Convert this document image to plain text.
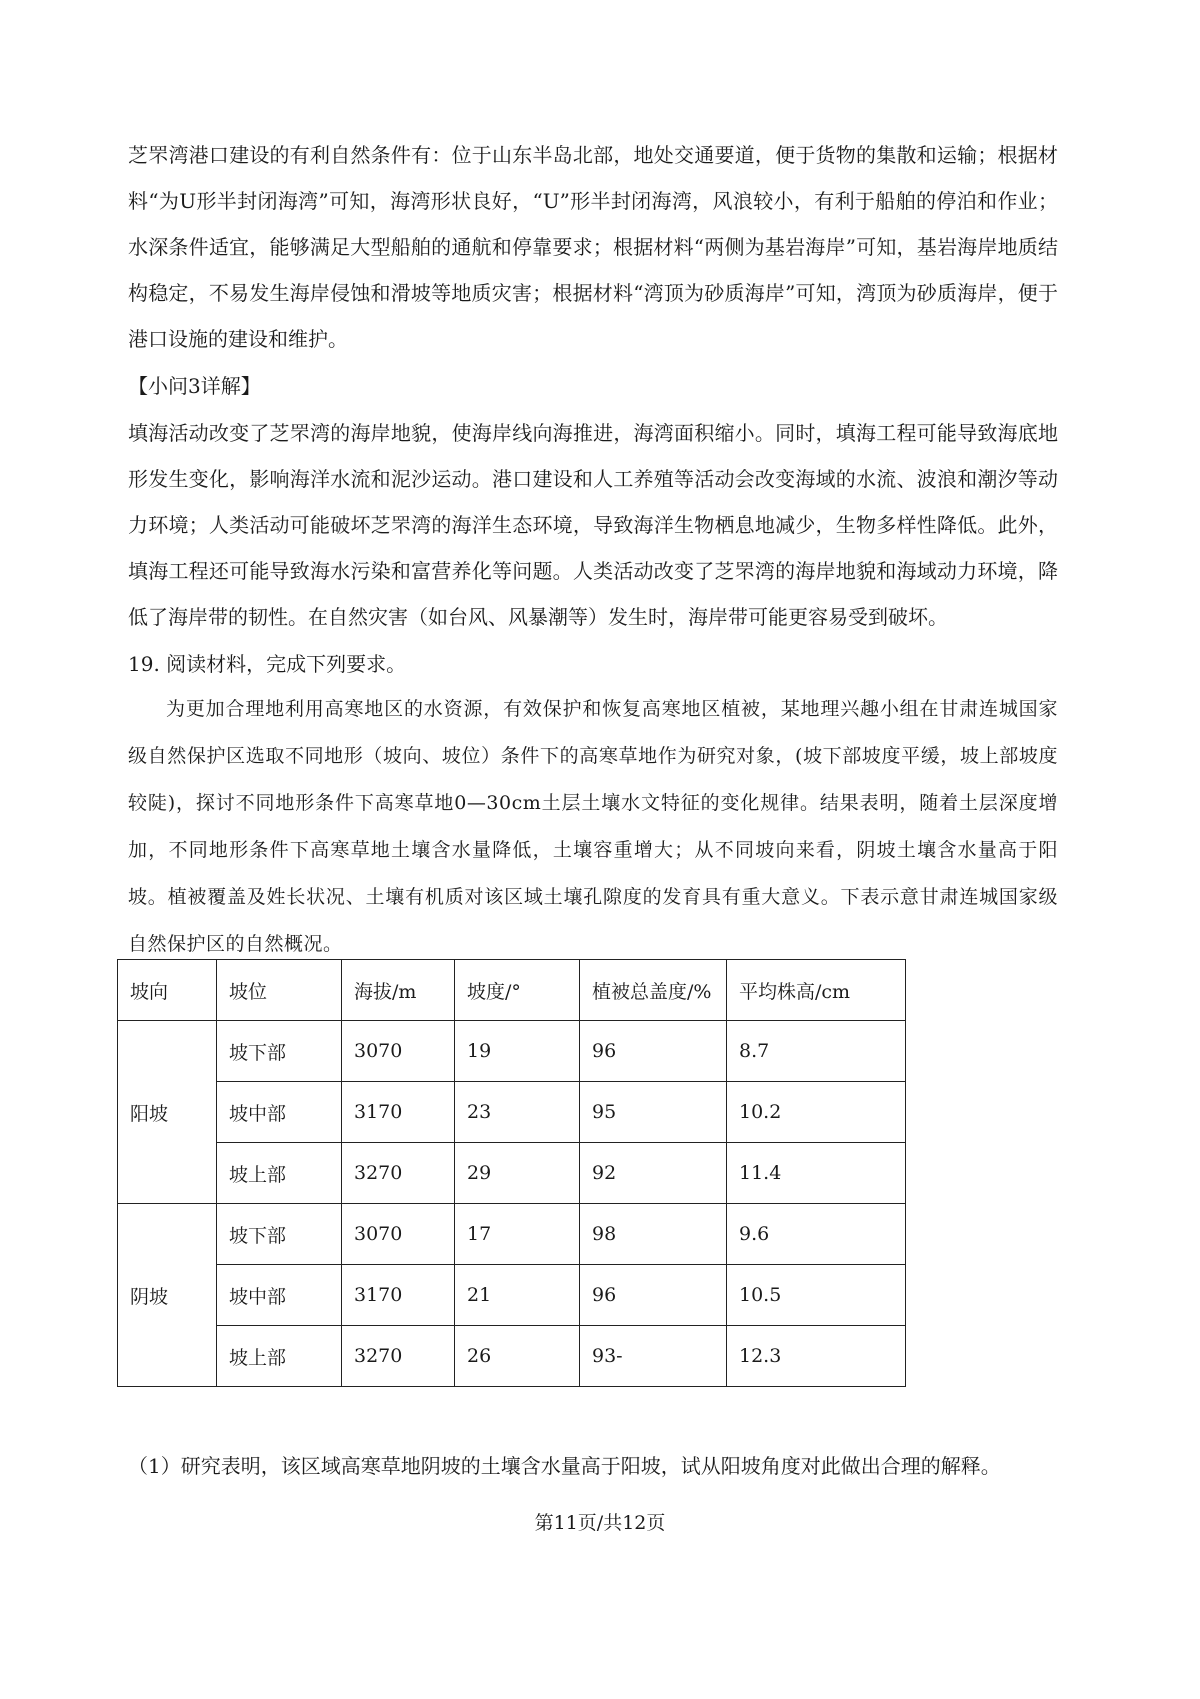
芝罘湾港口建设的有利自然条件有：位于山东半岛北部，地处交通要道，便于货物的集散和运输；根据材料“为U形半封闭海湾”可知，海湾形状良好，“U”形半封闭海湾，风浪较小，有利于船舶的停泊和作业；水深条件适宜，能够满足大型船舶的通航和停靠要求；根据材料“两侧为基岩海岸”可知，基岩海岸地质结构稳定，不易发生海岸侵蚀和滑坡等地质灾害；根据材料“湾顶为砂质海岸”可知，湾顶为砂质海岸，便于港口设施的建设和维护。

【小问3详解】

填海活动改变了芝罘湾的海岸地貌，使海岸线向海推进，海湾面积缩小。同时，填海工程可能导致海底地形发生变化，影响海洋水流和泥沙运动。港口建设和人工养殖等活动会改变海域的水流、波浪和潮汐等动力环境；人类活动可能破坏芝罘湾的海洋生态环境，导致海洋生物栖息地减少，生物多样性降低。此外，填海工程还可能导致海水污染和富营养化等问题。人类活动改变了芝罘湾的海岸地貌和海域动力环境，降低了海岸带的韧性。在自然灾害（如台风、风暴潮等）发生时，海岸带可能更容易受到破坏。

19. 阅读材料，完成下列要求。

为更加合理地利用高寒地区的水资源，有效保护和恢复高寒地区植被，某地理兴趣小组在甘肃连城国家级自然保护区选取不同地形（坡向、坡位）条件下的高寒草地作为研究对象，(坡下部坡度平缓，坡上部坡度较陡)，探讨不同地形条件下高寒草地0—30cm土层土壤水文特征的变化规律。结果表明，随着土层深度增加，不同地形条件下高寒草地土壤含水量降低，土壤容重增大；从不同坡向来看，阴坡土壤含水量高于阳坡。植被覆盖及姓长状况、土壤有机质对该区域土壤孔隙度的发育具有重大意义。下表示意甘肃连城国家级自然保护区的自然概况。

坡向	坡位	海拔/m	坡度/°	植被总盖度/%	平均株高/cm
阳坡	坡下部	3070	19	96	8.7
	坡中部	3170	23	95	10.2
	坡上部	3270	29	92	11.4
阴坡	坡下部	3070	17	98	9.6
	坡中部	3170	21	96	10.5
	坡上部	3270	26	93-	12.3

（1）研究表明，该区域高寒草地阴坡的土壤含水量高于阳坡，试从阳坡角度对此做出合理的解释。

第11页/共12页
